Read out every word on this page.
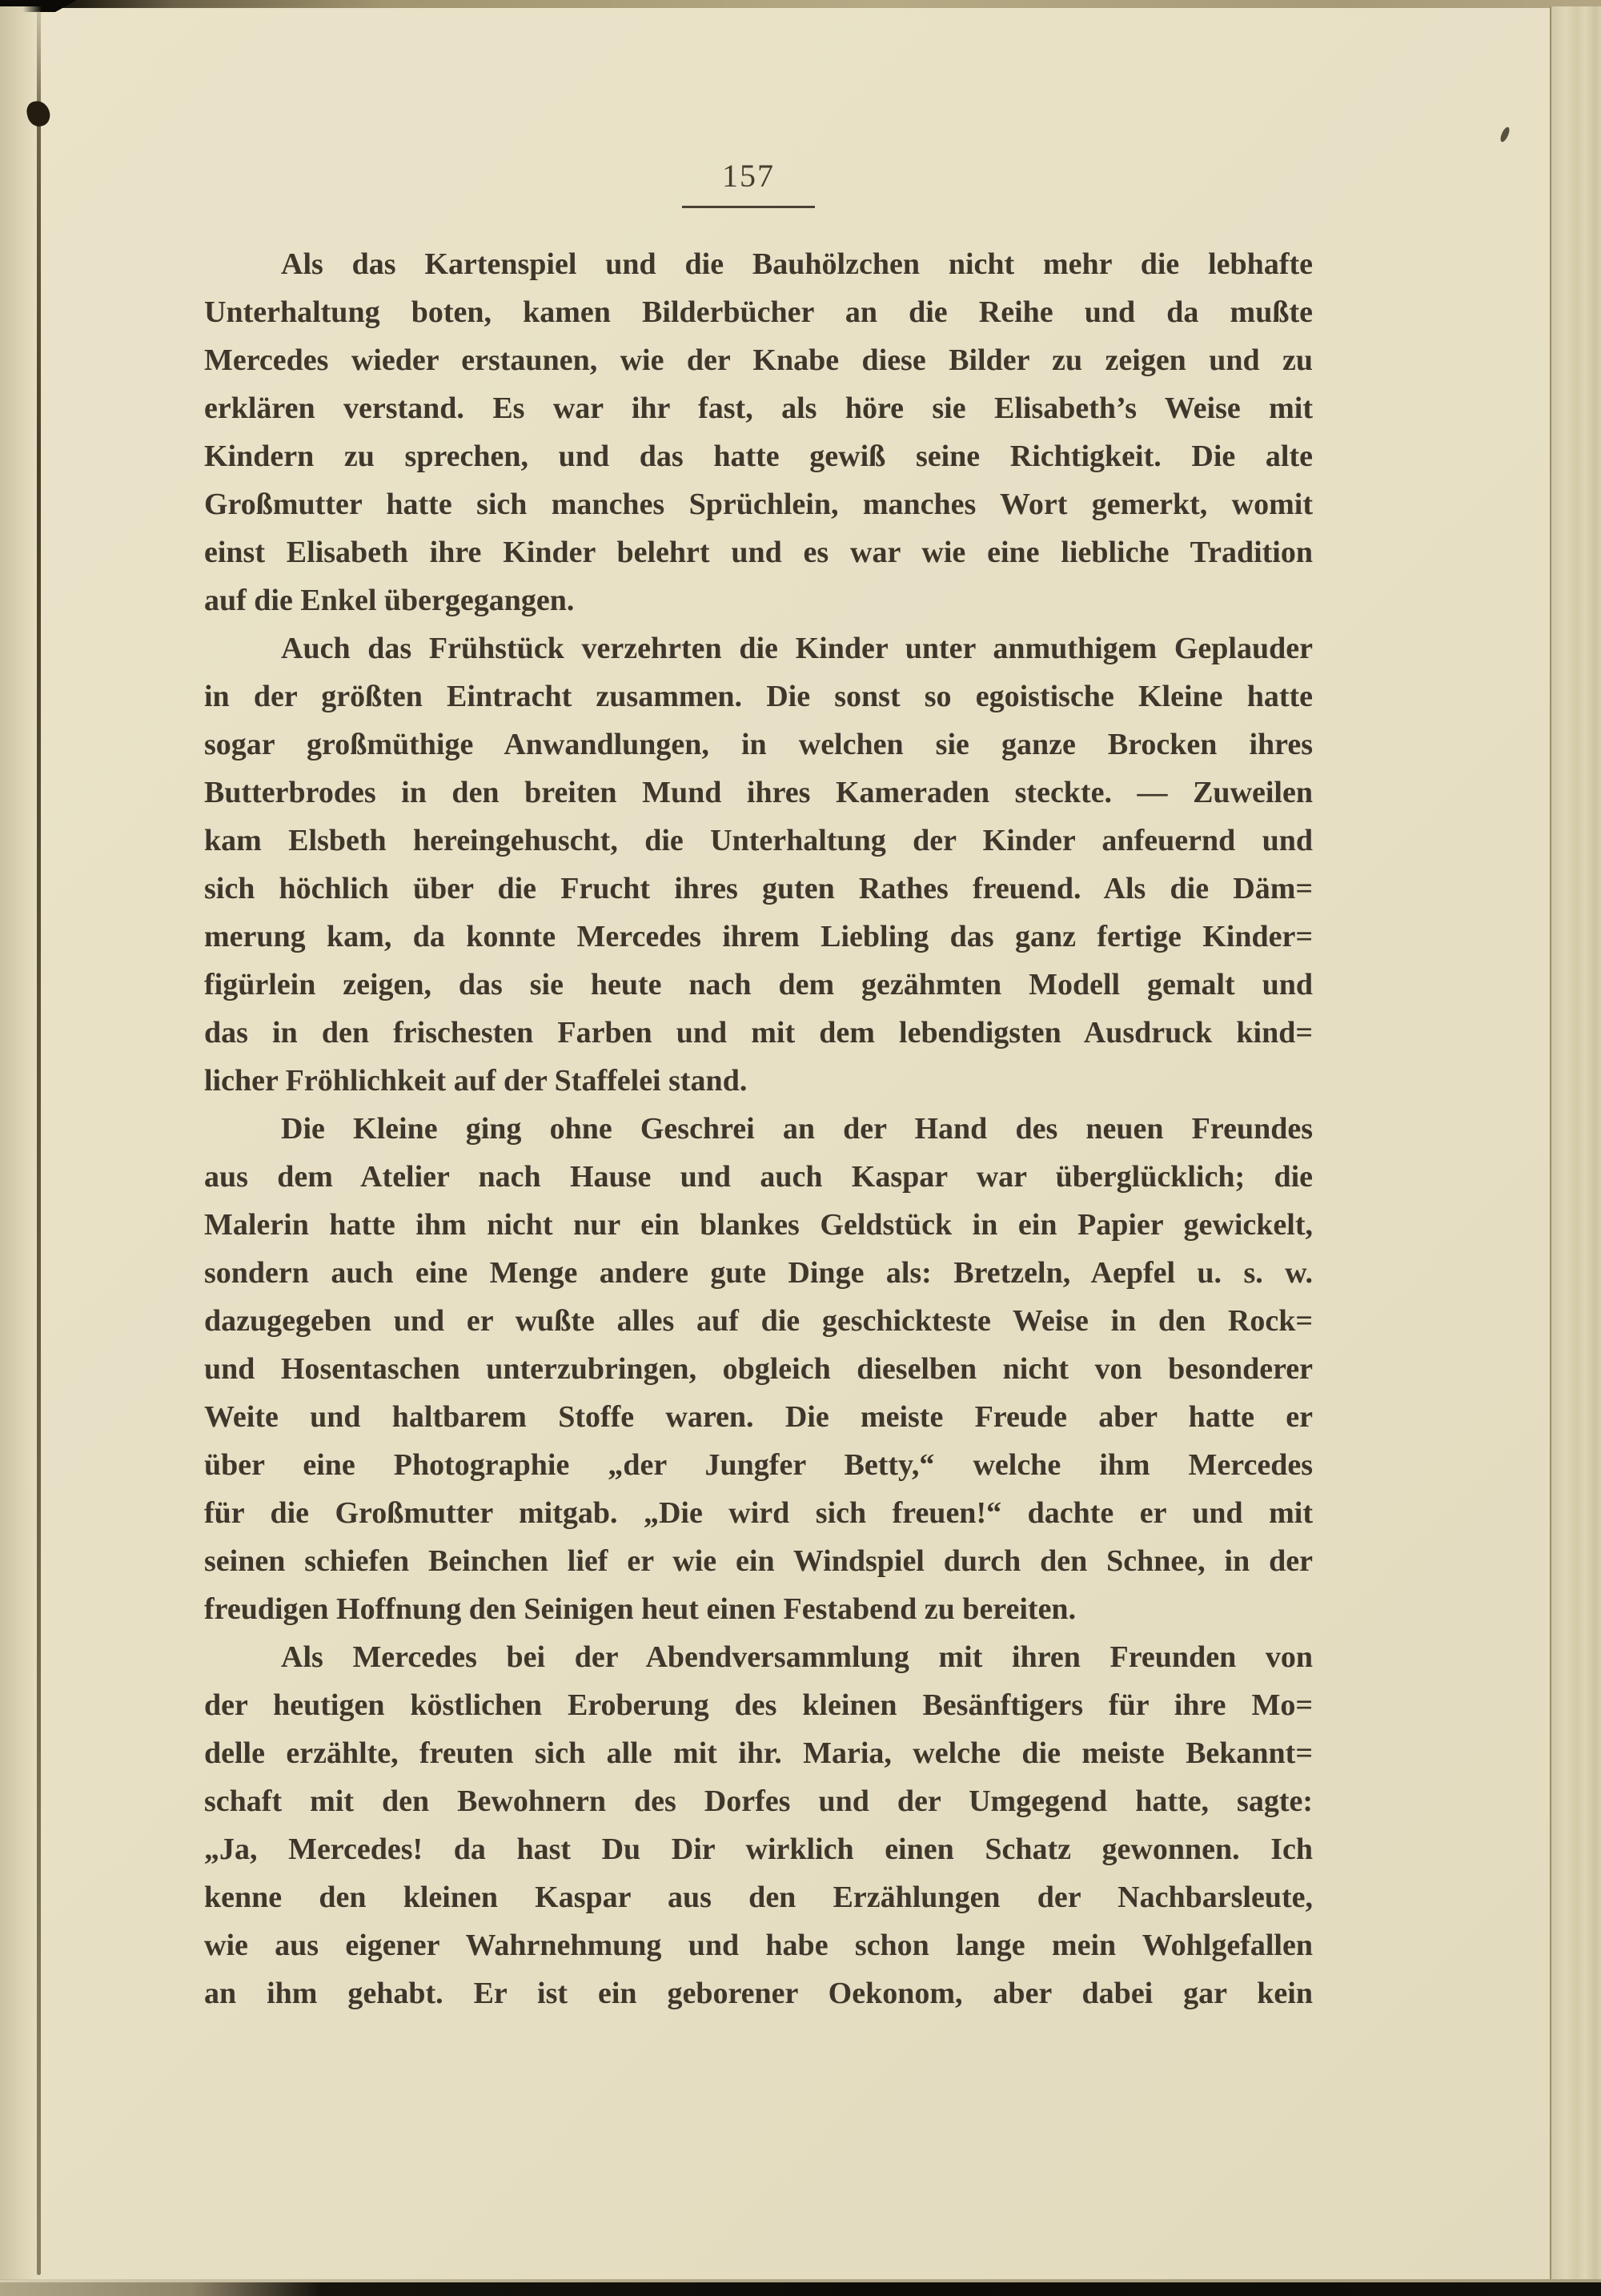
157
Als das Kartenspiel und die Bauhölzchen nicht mehr die lebhafte
Unterhaltung boten, kamen Bilderbücher an die Reihe und da mußte
Mercedes wieder erstaunen, wie der Knabe diese Bilder zu zeigen und zu
erklären verstand. Es war ihr fast, als höre sie Elisabeth’s Weise mit
Kindern zu sprechen, und das hatte gewiß seine Richtigkeit. Die alte
Großmutter hatte sich manches Sprüchlein, manches Wort gemerkt, womit
einst Elisabeth ihre Kinder belehrt und es war wie eine liebliche Tradition
auf die Enkel übergegangen.
Auch das Frühstück verzehrten die Kinder unter anmuthigem Geplauder
in der größten Eintracht zusammen. Die sonst so egoistische Kleine hatte
sogar großmüthige Anwandlungen, in welchen sie ganze Brocken ihres
Butterbrodes in den breiten Mund ihres Kameraden steckte. — Zuweilen
kam Elsbeth hereingehuscht, die Unterhaltung der Kinder anfeuernd und
sich höchlich über die Frucht ihres guten Rathes freuend. Als die Däm=
merung kam, da konnte Mercedes ihrem Liebling das ganz fertige Kinder=
figürlein zeigen, das sie heute nach dem gezähmten Modell gemalt und
das in den frischesten Farben und mit dem lebendigsten Ausdruck kind=
licher Fröhlichkeit auf der Staffelei stand.
Die Kleine ging ohne Geschrei an der Hand des neuen Freundes
aus dem Atelier nach Hause und auch Kaspar war überglücklich; die
Malerin hatte ihm nicht nur ein blankes Geldstück in ein Papier gewickelt,
sondern auch eine Menge andere gute Dinge als: Bretzeln, Aepfel u. s. w.
dazugegeben und er wußte alles auf die geschickteste Weise in den Rock=
und Hosentaschen unterzubringen, obgleich dieselben nicht von besonderer
Weite und haltbarem Stoffe waren. Die meiste Freude aber hatte er
über eine Photographie „der Jungfer Betty,“ welche ihm Mercedes
für die Großmutter mitgab. „Die wird sich freuen!“ dachte er und mit
seinen schiefen Beinchen lief er wie ein Windspiel durch den Schnee, in der
freudigen Hoffnung den Seinigen heut einen Festabend zu bereiten.
Als Mercedes bei der Abendversammlung mit ihren Freunden von
der heutigen köstlichen Eroberung des kleinen Besänftigers für ihre Mo=
delle erzählte, freuten sich alle mit ihr. Maria, welche die meiste Bekannt=
schaft mit den Bewohnern des Dorfes und der Umgegend hatte, sagte:
„Ja, Mercedes! da hast Du Dir wirklich einen Schatz gewonnen. Ich
kenne den kleinen Kaspar aus den Erzählungen der Nachbarsleute,
wie aus eigener Wahrnehmung und habe schon lange mein Wohlgefallen
an ihm gehabt. Er ist ein geborener Oekonom, aber dabei gar kein
